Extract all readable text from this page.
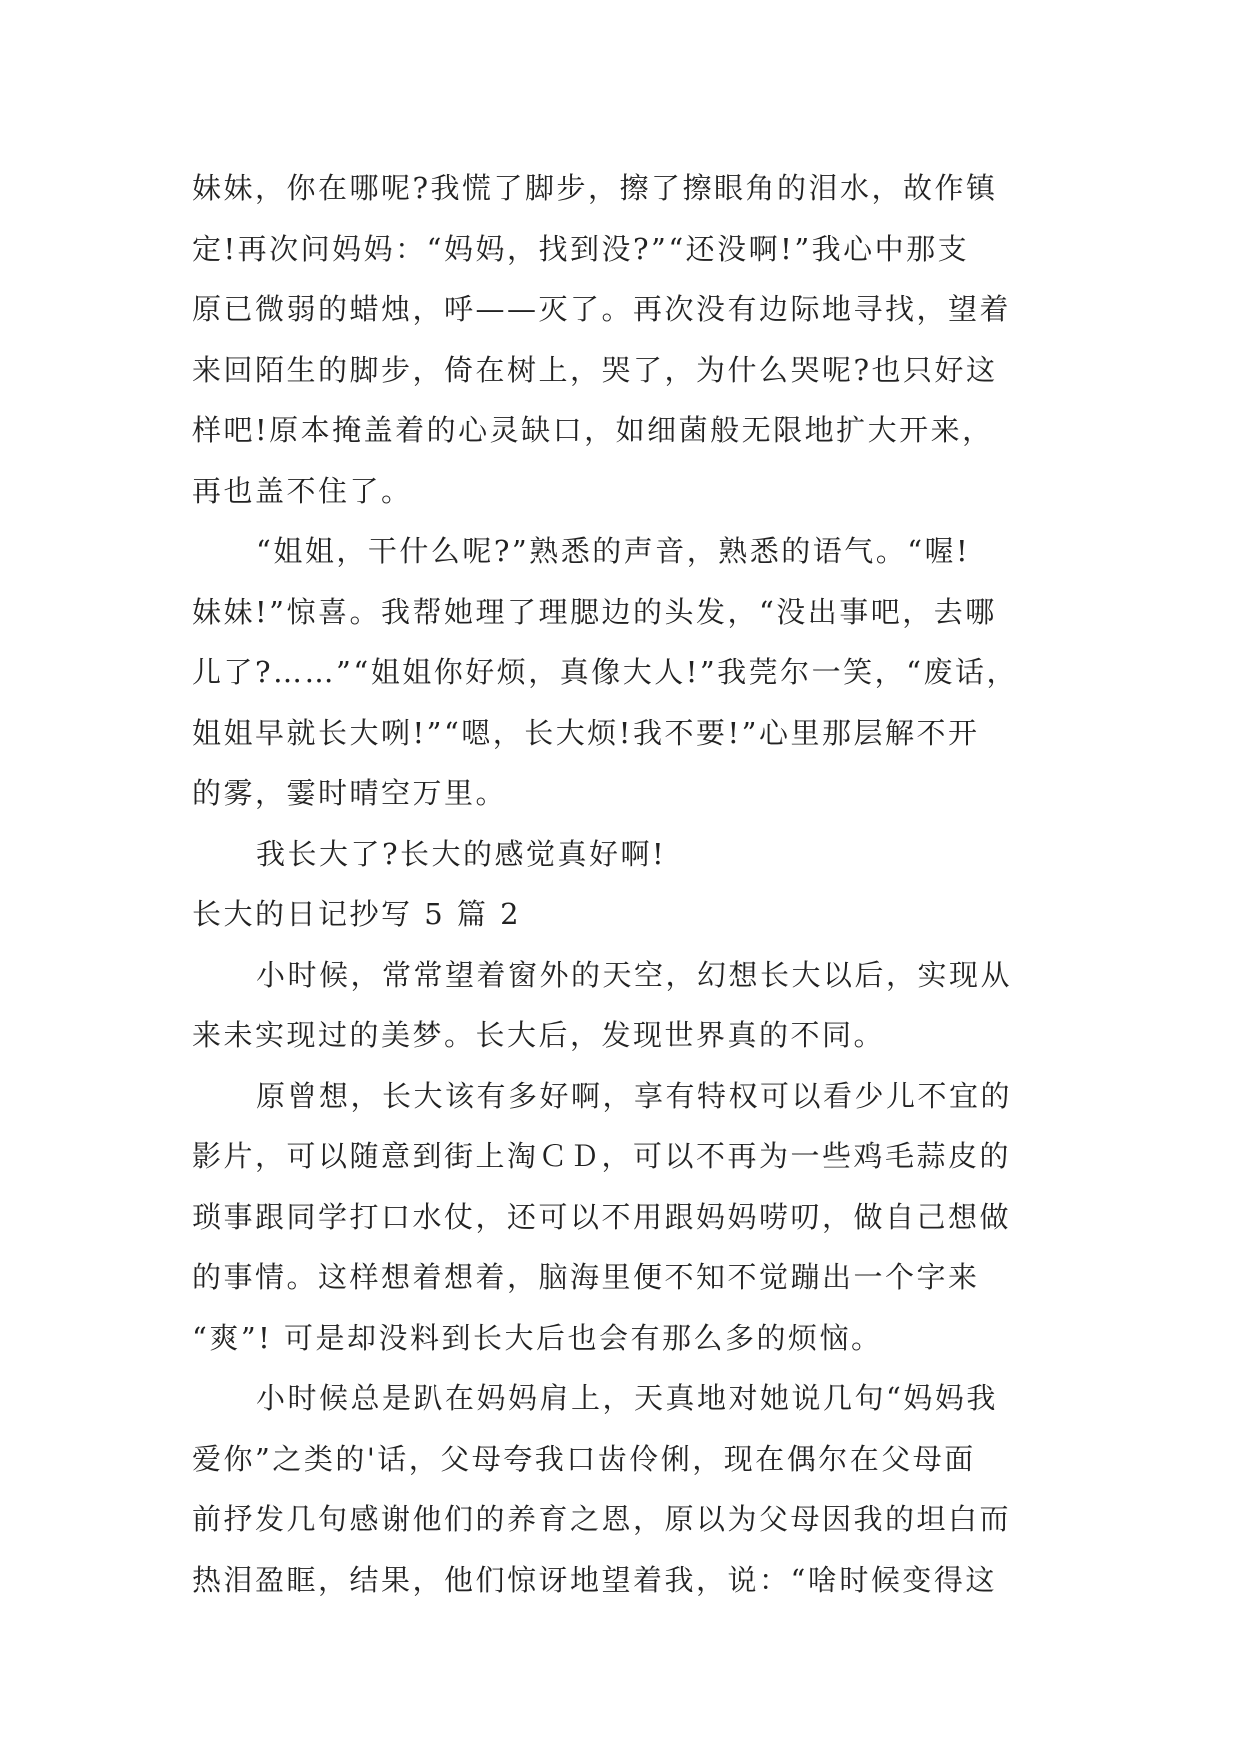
妹妹，你在哪呢?我慌了脚步，擦了擦眼角的泪水，故作镇
定!再次问妈妈：“妈妈，找到没?”“还没啊!”我心中那支
原已微弱的蜡烛，呼——灭了。再次没有边际地寻找，望着
来回陌生的脚步，倚在树上，哭了，为什么哭呢?也只好这
样吧!原本掩盖着的心灵缺口，如细菌般无限地扩大开来，
再也盖不住了。
“姐姐，干什么呢?”熟悉的声音，熟悉的语气。“喔!
妹妹!”惊喜。我帮她理了理腮边的头发，“没出事吧，去哪
儿了?……”“姐姐你好烦，真像大人!”我莞尔一笑，“废话，
姐姐早就长大咧!”“嗯，长大烦!我不要!”心里那层解不开
的雾，霎时晴空万里。
我长大了?长大的感觉真好啊!
长大的日记抄写 5 篇 2
小时候，常常望着窗外的天空，幻想长大以后，实现从
来未实现过的美梦。长大后，发现世界真的不同。
原曾想，长大该有多好啊，享有特权可以看少儿不宜的
影片，可以随意到街上淘ＣＤ，可以不再为一些鸡毛蒜皮的
琐事跟同学打口水仗，还可以不用跟妈妈唠叨，做自己想做
的事情。这样想着想着，脑海里便不知不觉蹦出一个字来
“爽”! 可是却没料到长大后也会有那么多的烦恼。
小时候总是趴在妈妈肩上，天真地对她说几句“妈妈我
爱你”之类的'话，父母夸我口齿伶俐，现在偶尔在父母面
前抒发几句感谢他们的养育之恩，原以为父母因我的坦白而
热泪盈眶，结果，他们惊讶地望着我，说：“啥时候变得这
